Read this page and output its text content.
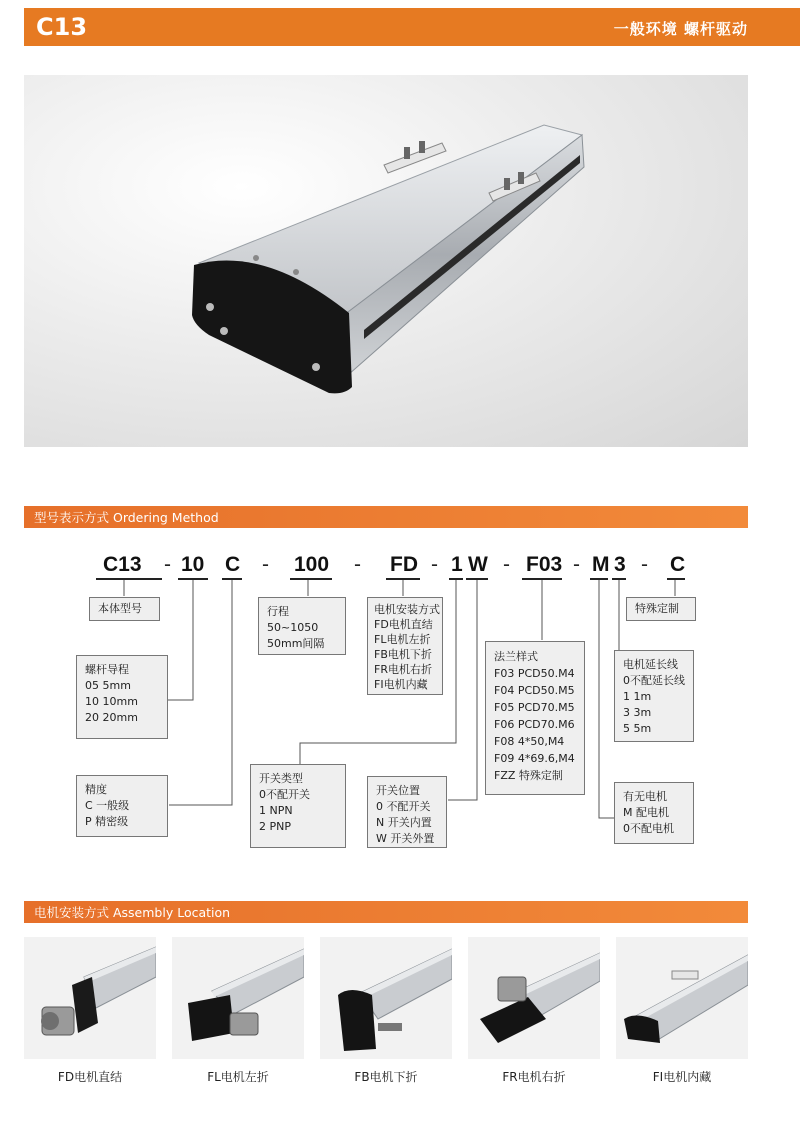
C13	一般环境 螺杆驱动
型号表示方式 Ordering Method
C13 - 10 C - 100 - FD - 1 W - F03 - M 3 - C
本体型号
螺杆导程
05 5mm
10 10mm
20 20mm
精度
C 一般级
P 精密级
行程
50~1050
50mm间隔
电机安装方式
FD电机直结
FL电机左折
FB电机下折
FR电机右折
FI电机内藏
开关类型
0不配开关
1 NPN
2 PNP
开关位置
0 不配开关
N 开关内置
W 开关外置
法兰样式
F03 PCD50.M4
F04 PCD50.M5
F05 PCD70.M5
F06 PCD70.M6
F08 4*50,M4
F09 4*69.6,M4
FZZ 特殊定制
特殊定制
电机延长线
0不配延长线
1 1m
3 3m
5 5m
有无电机
M 配电机
0不配电机
电机安装方式 Assembly Location
FD电机直结	FL电机左折	FB电机下折	FR电机右折	FI电机内藏
